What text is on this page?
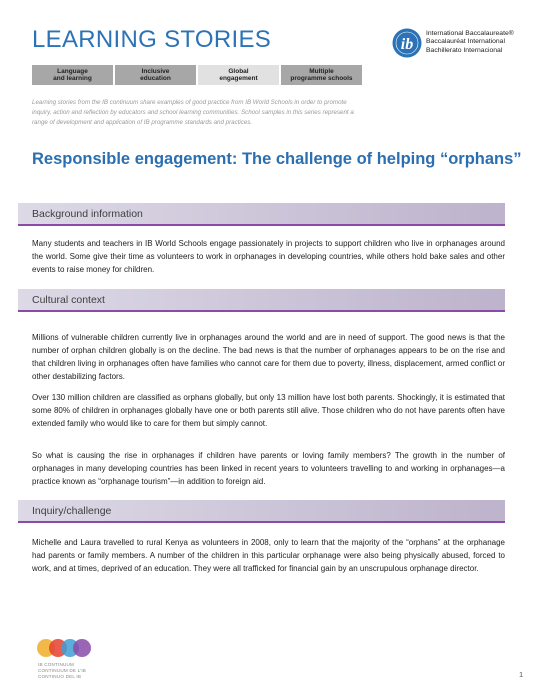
LEARNING STORIES
Language
and learning
Inclusive
education
Global
engagement
Multiple
programme schools
ib
International Baccalaureate®
Baccalauréat International
Bachillerato Internacional
Learning stories from the IB continuum share examples of good practice from IB World Schools in order to promote inquiry, action and reflection by educators and school learning communities. School samples in this series represent a range of development and application of IB programme standards and practices.
Responsible engagement: The challenge of helping “orphans”
Background information

Many students and teachers in IB World Schools engage passionately in projects to support children who live in orphanages around the world. Some give their time as volunteers to work in orphanages in developing countries, while others hold bake sales and other events to raise money for children.

Cultural context

Millions of vulnerable children currently live in orphanages around the world and are in need of support. The good news is that the number of orphan children globally is on the decline. The bad news is that the number of orphanages appears to be on the rise and that children living in orphanages often have families who cannot care for them due to poverty, illness, displacement, armed conflict or other destabilizing factors.

Over 130 million children are classified as orphans globally, but only 13 million have lost both parents. Shockingly, it is estimated that some 80% of children in orphanages globally have one or both parents still alive. Those children who do not have parents often have extended family who would like to care for them but simply cannot.

So what is causing the rise in orphanages if children have parents or loving family members? The growth in the number of orphanages in many developing countries has been linked in recent years to volunteers travelling to and working in orphanages—a practice known as “orphanage tourism”—in addition to foreign aid.

Inquiry/challenge

Michelle and Laura travelled to rural Kenya as volunteers in 2008, only to learn that the majority of the “orphans” at the orphanage had parents or family members. A number of the children in this particular orphanage were also being physically abused, forced to work, and at times, deprived of an education. They were all trafficked for financial gain by an unscrupulous orphanage director.

IB CONTINUUM
CONTINUUM DE L’IB
CONTINUO DEL IB	1
